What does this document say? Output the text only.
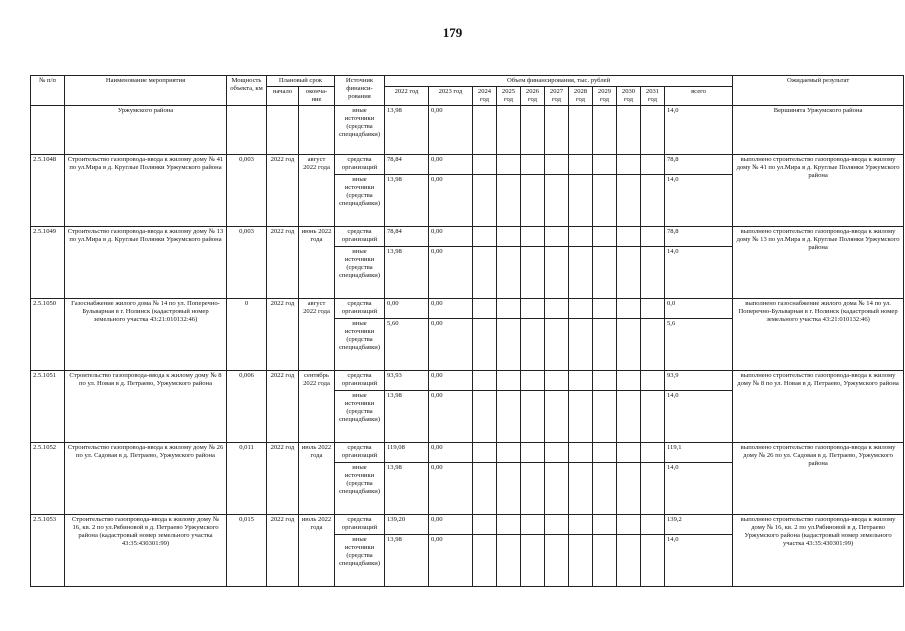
179
№ п/п	Наименование мероприятия	Мощность объекта, км	Плановый срок		Источник финанси-рования	Объем финансирования, тыс. рублей											Ожидаемый результат
			начало	оконча-ние		2022 год	2023 год	2024 год	2025 год	2026 год	2027 год	2028 год	2029 год	2030 год	2031 год	всего	

	Уржумского района				иные источники (средства спецнадбавки)	13,98	0,00									14,0	Вершинята Уржумского района
2.5.1048	Строительство газопровода-ввода к жилому дому № 41 по ул.Мира в д. Круглые Полянки Уржумского района	0,003	2022 год	август 2022 года	средства организаций	78,84	0,00									78,8	выполнено строительство газопровода-ввода к жилому дому № 41 по ул.Мира в д. Круглые Полянки Уржумского района
					иные источники (средства спецнадбавки)	13,98	0,00									14,0	
2.5.1049	Строительство газопровода-ввода к жилому дому № 13 по ул.Мира в д. Круглые Полянки Уржумского района	0,003	2022 год	июнь 2022 года	средства организаций	78,84	0,00									78,8	выполнено строительство газопровода-ввода к жилому дому № 13 по ул.Мира в д. Круглые Полянки Уржумского района
					иные источники (средства спецнадбавки)	13,98	0,00									14,0	
2.5.1050	Газоснабжение жилого дома № 14 по ул. Поперечно-Бульварная в г. Нолинск (кадастровый номер земельного участка 43:21:010132:46)	0	2022 год	август 2022 года	средства организаций	0,00	0,00									0,0	выполнено газоснабжение жилого дома № 14 по ул. Поперечно-Бульварная в г. Нолинск (кадастровый номер земельного участка 43:21:010132:46)
					иные источники (средства спецнадбавки)	5,60	0,00									5,6	
2.5.1051	Строительство газопровода-ввода к жилому дому № 8 по ул. Новая в д. Петраево, Уржумского района	0,006	2022 год	сентябрь 2022 года	средства организаций	93,93	0,00									93,9	выполнено строительство газопровода-ввода к жилому дому № 8 по ул. Новая в д. Петраево, Уржумского района
					иные источники (средства спецнадбавки)	13,98	0,00									14,0	
2.5.1052	Строительство газопровода-ввода к жилому дому № 26 по ул. Садовая в д. Петраево, Уржумского района	0,011	2022 год	июль 2022 года	средства организаций	119,08	0,00									119,1	выполнено строительство газопровода-ввода к жилому дому № 26 по ул. Садовая в д. Петраево, Уржумского района
					иные источники (средства спецнадбавки)	13,98	0,00									14,0	
2.5.1053	Строительство газопровода-ввода к жилому дому № 16, кв. 2 по ул.Рябиновой в д. Петраево Уржумского района (кадастровый номер земельного участка 43:35:430301:99)	0,015	2022 год	июль 2022 года	средства организаций	139,20	0,00									139,2	выполнено строительство газопровода-ввода к жилому дому № 16, кв. 2 по ул.Рябиновой в д. Петраево Уржумского района (кадастровый номер земельного участка 43:35:430301:99)
					иные источники (средства спецнадбавки)	13,98	0,00									14,0	
